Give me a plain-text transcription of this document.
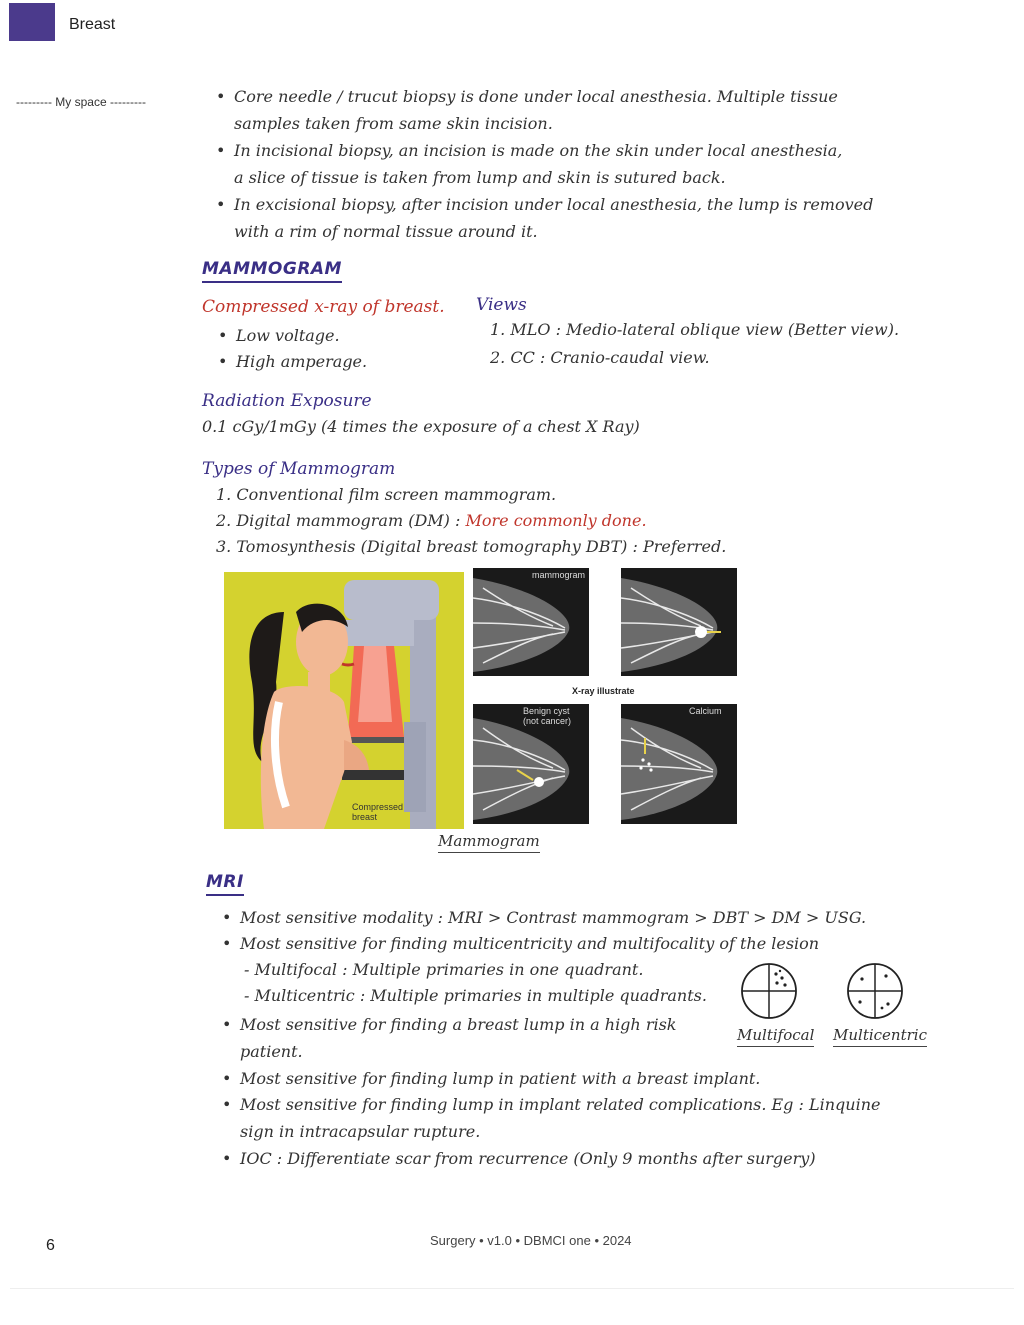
Breast
--------- My space ---------	• Core needle / trucut biopsy is done under local anesthesia. Multiple tissue
samples taken from same skin incision.
• In incisional biopsy, an incision is made on the skin under local anesthesia,
a slice of tissue is taken from lump and skin is sutured back.
• In excisional biopsy, after incision under local anesthesia, the lump is removed
with a rim of normal tissue around it.
MAMMOGRAM
Compressed x-ray of breast.
• Low voltage.
• High amperage.
Views
1. MLO : Medio-lateral oblique view (Better view).
2. CC : Cranio-caudal view.
Radiation Exposure
0.1 cGy/1mGy (4 times the exposure of a chest X Ray)
Types of Mammogram
1. Conventional film screen mammogram.
2. Digital mammogram (DM) : More commonly done.
3. Tomosynthesis (Digital breast tomography DBT) : Preferred.
Compressed
breast
mammogram
Benign cyst
(not cancer)
Calcium
X-ray illustrate
Mammogram
MRI
• Most sensitive modality : MRI > Contrast mammogram > DBT > DM > USG.
• Most sensitive for finding multicentricity and multifocality of the lesion
- Multifocal : Multiple primaries in one quadrant.
- Multicentric : Multiple primaries in multiple quadrants.
• Most sensitive for finding a breast lump in a high risk
patient.
• Most sensitive for finding lump in patient with a breast implant.
• Most sensitive for finding lump in implant related complications. Eg : Linquine
sign in intracapsular rupture.
• IOC : Differentiate scar from recurrence (Only 9 months after surgery)
Multifocal Multicentric
6	Surgery • v1.0 • DBMCI one • 2024
